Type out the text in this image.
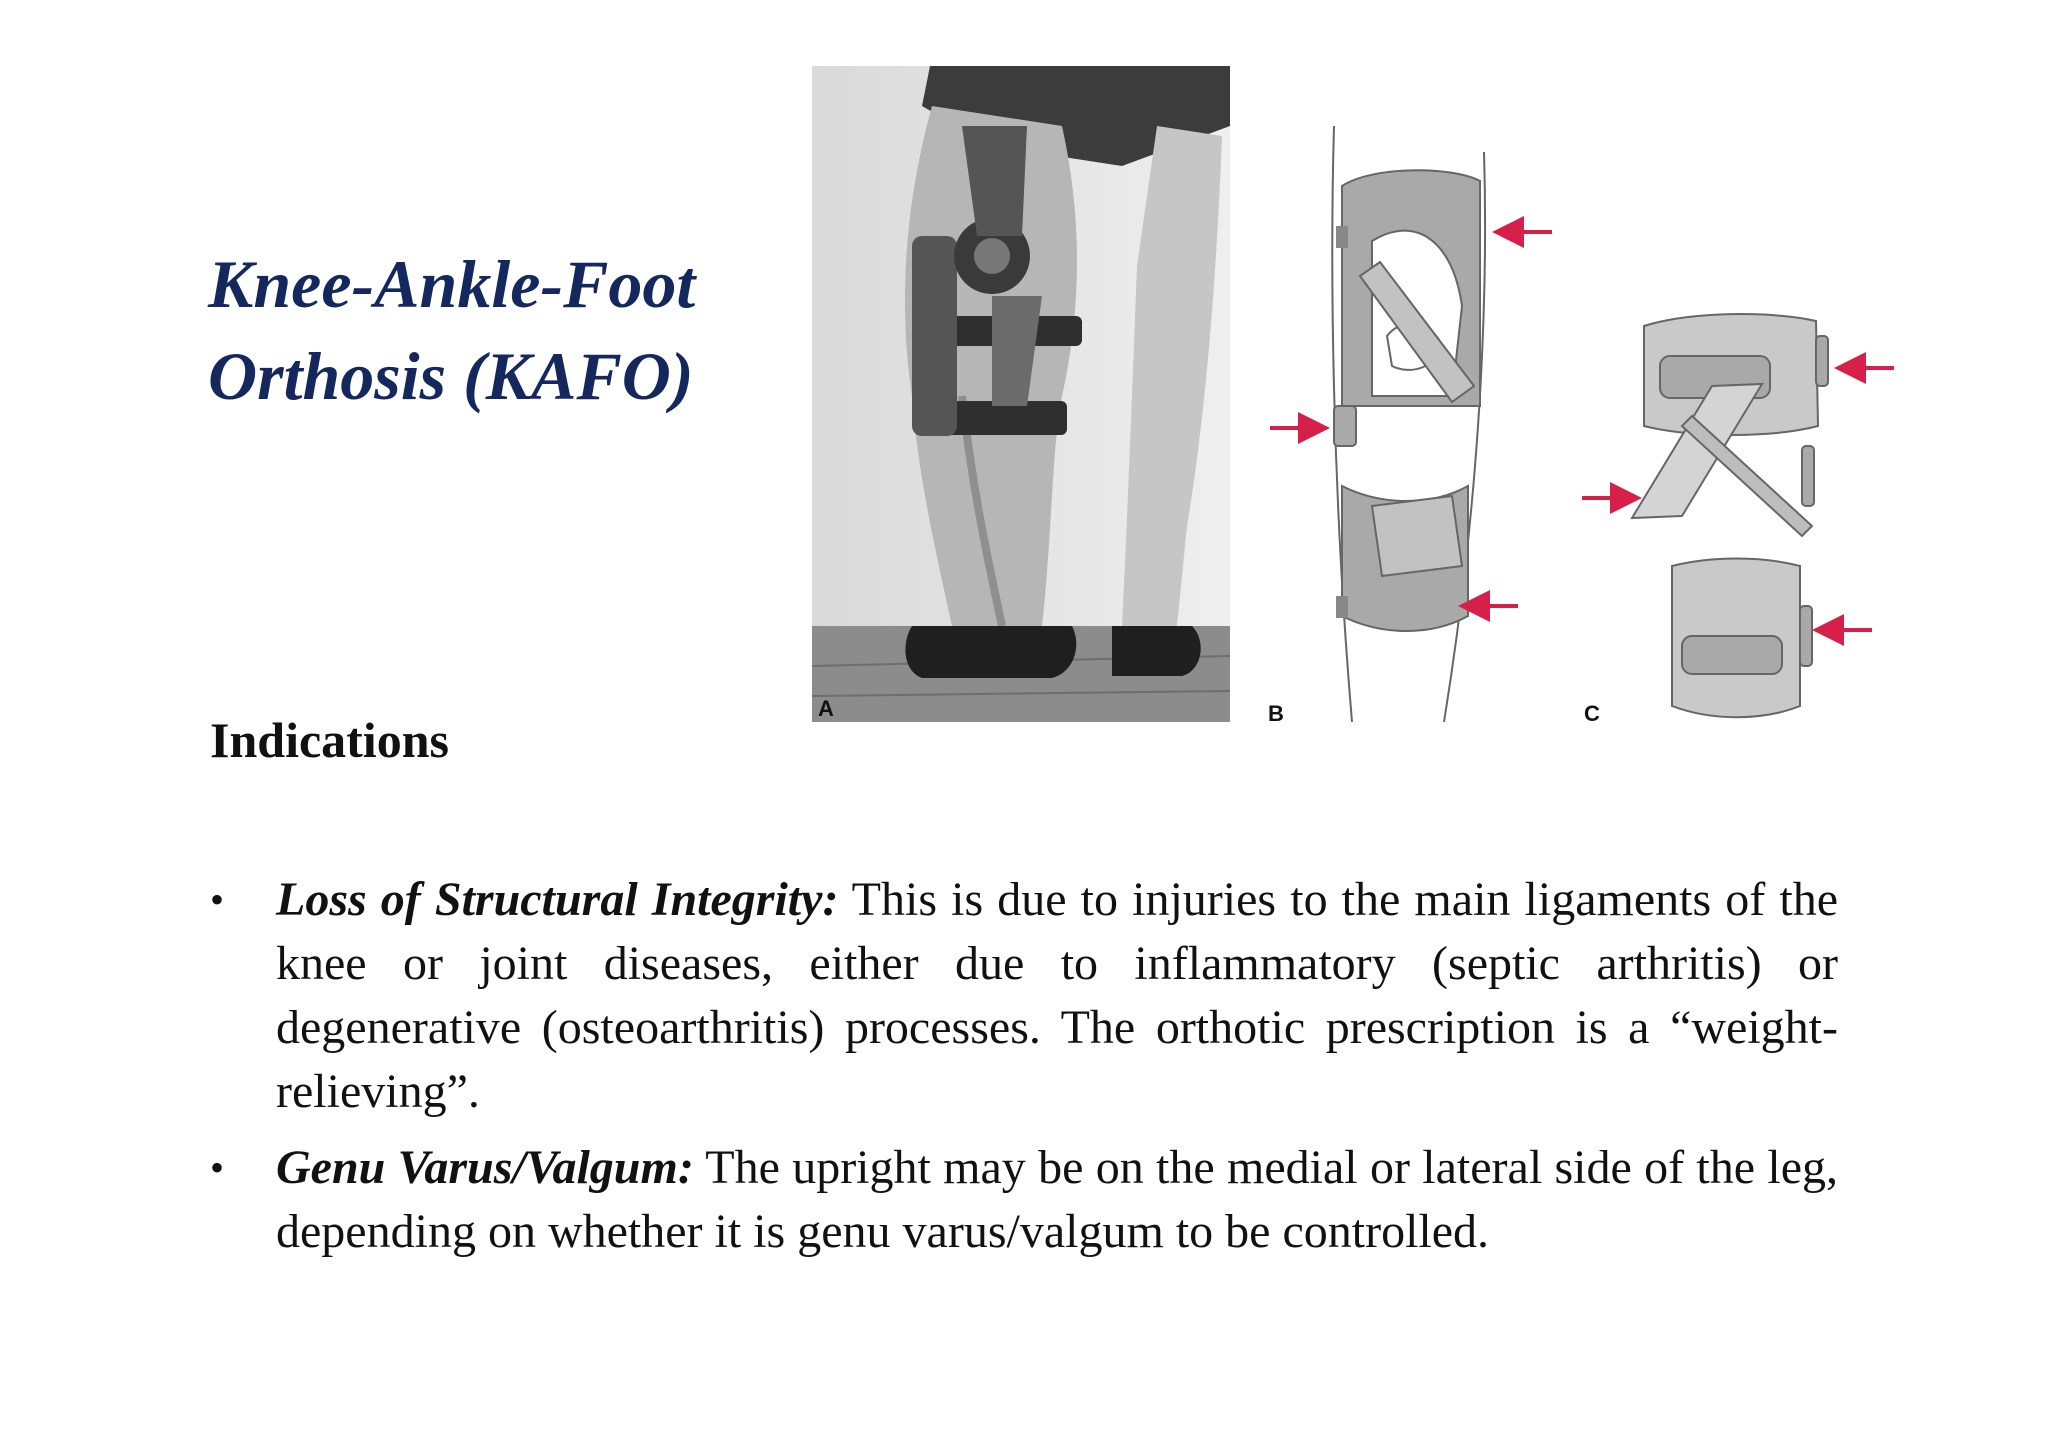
Knee-Ankle-Foot
Orthosis (KAFO)
A	B	C
Indications
• Loss of Structural Integrity: This is due to injuries to the main ligaments of the knee or joint diseases, either due to inflammatory (septic arthritis) or degenerative (osteoarthritis) processes. The orthotic prescription is a “weight-relieving”.
• Genu Varus/Valgum: The upright may be on the medial or lateral side of the leg, depending on whether it is genu varus/valgum to be controlled.
